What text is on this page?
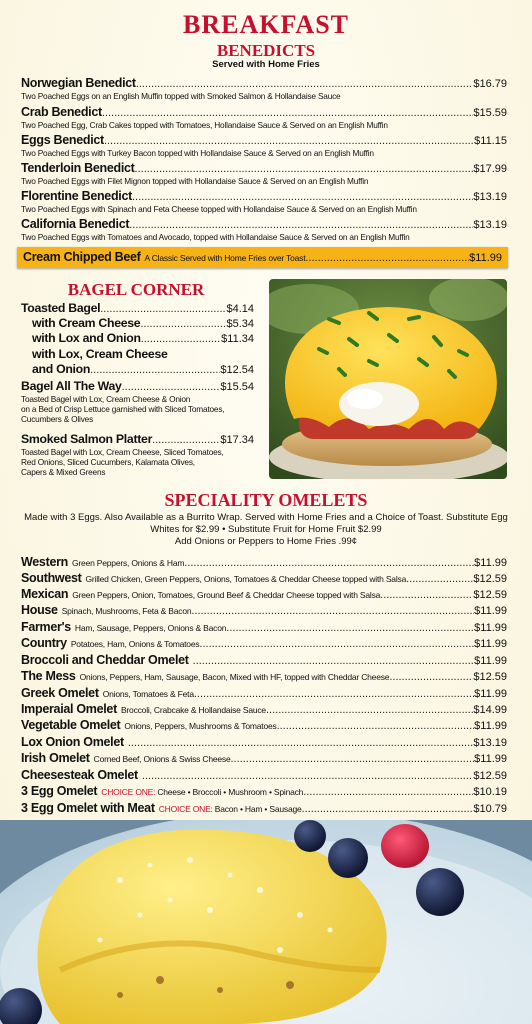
BREAKFAST
BENEDICTS
Served with Home Fries
Norwegian Benedict .....	$16.79
Two Poached Eggs on an English Muffin topped with Smoked Salmon & Hollandaise Sauce
Crab Benedict .....	$15.59
Two Poached Egg, Crab Cakes topped with Tomatoes, Hollandaise Sauce & Served on an English Muffin
Eggs Benedict .....	$11.15
Two Poached Eggs with Turkey Bacon topped with Hollandaise Sauce & Served on an English Muffin
Tenderloin Benedict .....	$17.99
Two Poached Eggs with Filet Mignon topped with Hollandaise Sauce & Served on an English Muffin
Florentine Benedict .....	$13.19
Two Poached Eggs with Spinach and Feta Cheese topped with Hollandaise Sauce & Served on an English Muffin
California Benedict .....	$13.19
Two Poached Eggs with Tomatoes and Avocado, topped with Hollandaise Sauce & Served on an English Muffin
Cream Chipped Beef A Classic Served with Home Fries over Toast .....	$11.99
BAGEL CORNER
Toasted Bagel .....	$4.14
with Cream Cheese .....	$5.34
with Lox and Onion .....	$11.34
with Lox, Cream Cheese
and Onion .....	$12.54
Bagel All The Way .....	$15.54
Toasted Bagel with Lox, Cream Cheese & Onion
on a Bed of Crisp Lettuce garnished with Sliced Tomatoes,
Cucumbers & Olives
Smoked Salmon Platter .....	$17.34
Toasted Bagel with Lox, Cream Cheese, Sliced Tomatoes,
Red Onions, Sliced Cucumbers, Kalamata Olives,
Capers & Mixed Greens
SPECIALITY OMELETS
Made with 3 Eggs. Also Available as a Burrito Wrap. Served with Home Fries and a Choice of Toast. Substitute Egg
Whites for $2.99 • Substitute Fruit for Home Fruit $2.99
Add Onions or Peppers to Home Fries .99¢
Western Green Peppers, Onions & Ham .....	$11.99
Southwest Grilled Chicken, Green Peppers, Onions, Tomatoes & Cheddar Cheese topped with Salsa .....	$12.59
Mexican Green Peppers, Onion, Tomatoes, Ground Beef & Cheddar Cheese topped with Salsa .....	$12.59
House Spinach, Mushrooms, Feta & Bacon .....	$11.99
Farmer's Ham, Sausage, Peppers, Onions & Bacon .....	$11.99
Country Potatoes, Ham, Onions & Tomatoes .....	$11.99
Broccoli and Cheddar Omelet .....	$11.99
The Mess Onions, Peppers, Ham, Sausage, Bacon, Mixed with HF, topped with Cheddar Cheese .....	$12.59
Greek Omelet Onions, Tomatoes & Feta .....	$11.99
Imperaial Omelet Broccoli, Crabcake & Hollandaise Sauce .....	$14.99
Vegetable Omelet Onions, Peppers, Mushrooms & Tomatoes .....	$11.99
Lox Onion Omelet .....	$13.19
Irish Omelet Corned Beef, Onions & Swiss Cheese .....	$11.99
Cheesesteak Omelet .....	$12.59
3 Egg Omelet CHOICE ONE: Cheese • Broccoli • Mushroom • Spinach .....	$10.19
3 Egg Omelet with Meat CHOICE ONE: Bacon • Ham • Sausage .....	$10.79
